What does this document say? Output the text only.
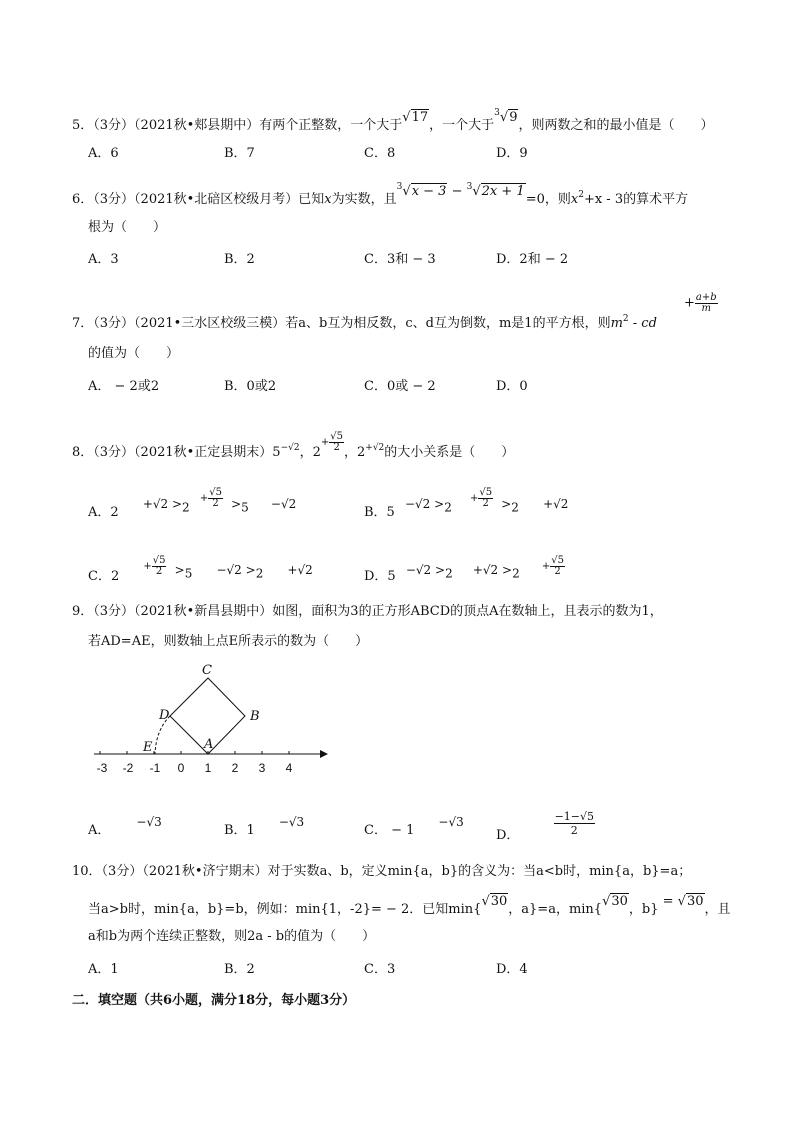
5．（3分）（2021秋•郏县期中）有两个正整数，一个大于√17，一个大于$^3$√9，则两数之和的最小值是（　　）
A．6	B．7	C．8	D．9
6．（3分）（2021秋•北碚区校级月考）已知x为实数，且$^3$√x − 3 − $^3$√2x + 1=0，则$x^2+x - 3$的算术平方
根为（　　）
A．3	B．2	C．3和 − 3	D．2和 − 2
7．（3分）（2021•三水区校级三模）若a、b互为相反数，c、d互为倒数，m是1的平方根，则$m^2$ - cd
+ $\frac{a+b}{m}$
的值为（　　）
A． − 2或2	B．0或2	C．0或 − 2	D．0
8．（3分）（2021秋•正定县期末）$5^{-√2}$，$2+ \frac{√5}{2}$ ，$2^{+√2}$的大小关系是（　　）
A．$2 +√2 >_2 + \frac{√5}{2} >_5 -√2$
B．$5 -√2 >_2 + \frac{√5}{2} >_2 +√2$
C．$2 + \frac{√5}{2} >_5 -√2 >_2 +√2$	D．$5 -√2 >_2 +√2 >_2 + \frac{√5}{2}$
9．（3分）（2021秋•新昌县期中）如图，面积为3的正方形ABCD的顶点A在数轴上，且表示的数为1，
若AD=AE，则数轴上点E所表示的数为（　　）
-3 -2 -1 0 1 2 3 4
C
B
D
A
E
A．−√3
B．1−√3
C． − 1−√3
D．	$\frac{-1-√5}{2}$
10．（3分）（2021秋•济宁期末）对于实数a、b，定义min{a，b}的含义为：当a<b时，min{a，b}=a；
当a>b时，min{a，b}=b，例如：min{1，-2}= − 2．已知min{√30，a}=a，min{√30，b} = √30，且
a和b为两个连续正整数，则2a - b的值为（　　）
A．1	B．2	C．3	D．4
二．填空题（共6小题，满分18分，每小题3分）
